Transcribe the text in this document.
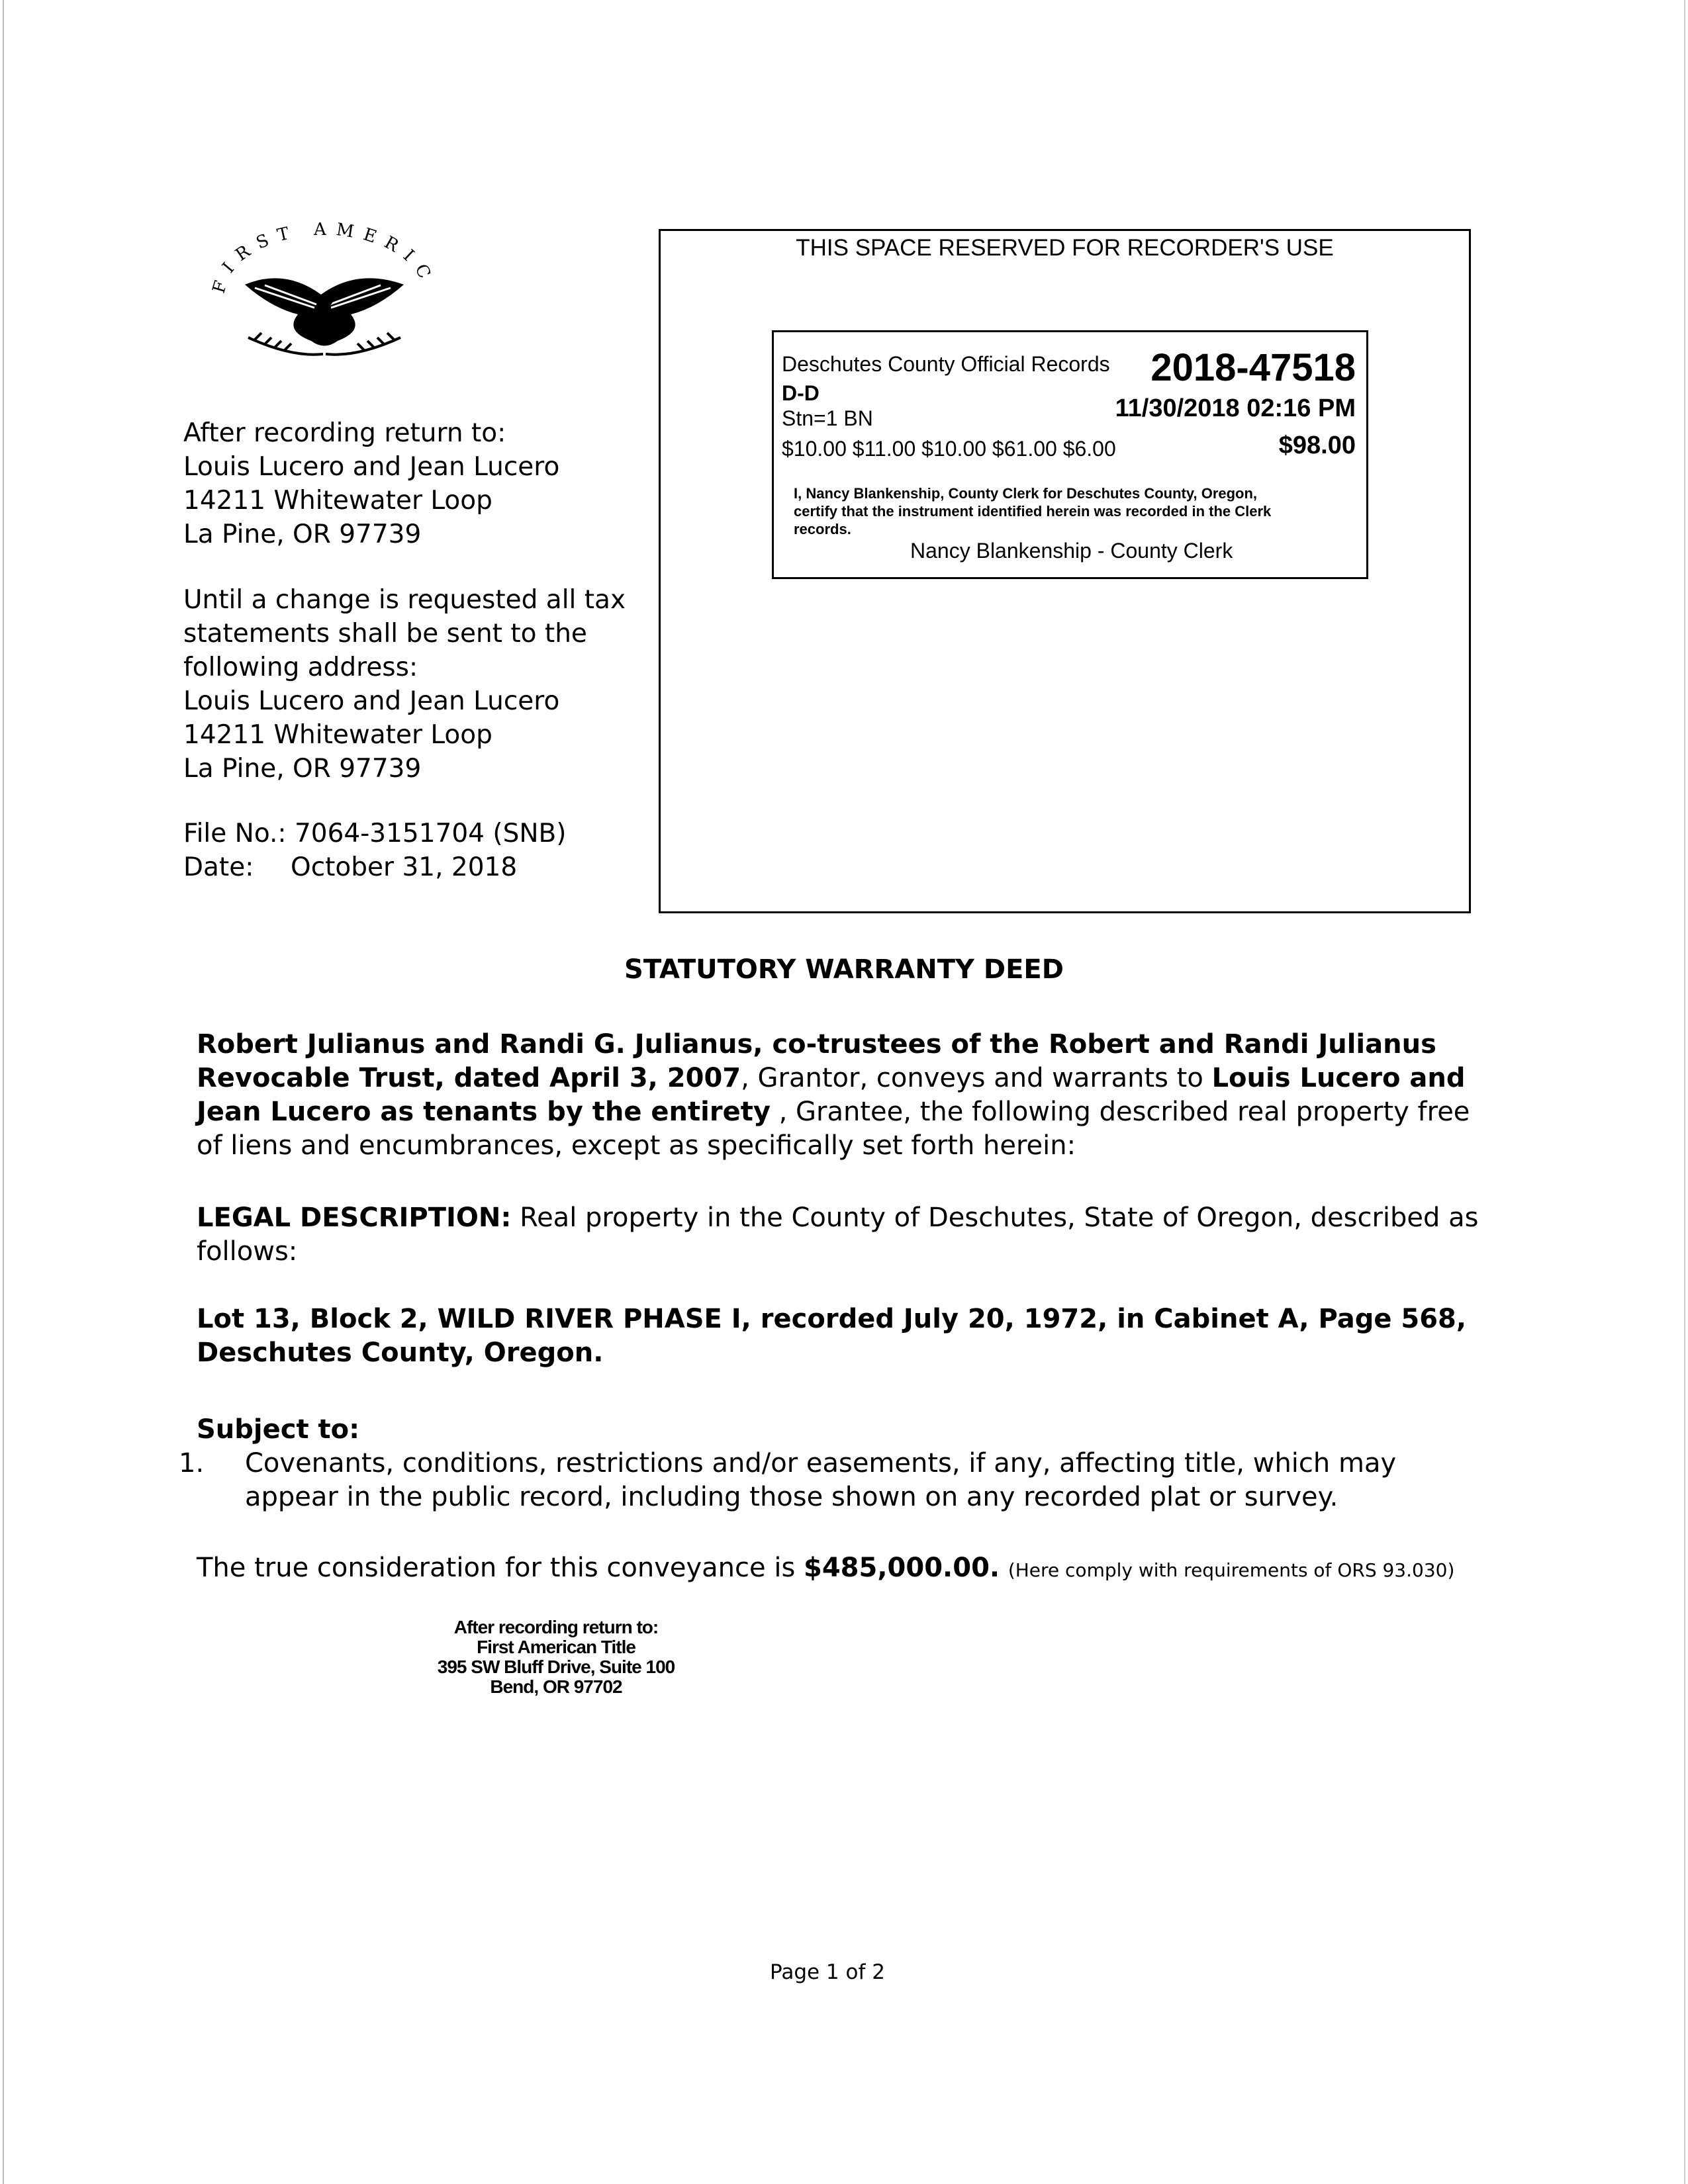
FIRST AMERIC
After recording return to:
Louis Lucero and Jean Lucero
14211 Whitewater Loop
La Pine, OR 97739
Until a change is requested all tax
statements shall be sent to the
following address:
Louis Lucero and Jean Lucero
14211 Whitewater Loop
La Pine, OR 97739
File No.: 7064-3151704 (SNB)
Date: October 31, 2018
THIS SPACE RESERVED FOR RECORDER'S USE
Deschutes County Official Records 2018-47518
D-D
Stn=1 BN	11/30/2018 02:16 PM
$10.00 $11.00 $10.00 $61.00 $6.00	$98.00
I, Nancy Blankenship, County Clerk for Deschutes County, Oregon,
certify that the instrument identified herein was recorded in the Clerk
records.
Nancy Blankenship - County Clerk
STATUTORY WARRANTY DEED
Robert Julianus and Randi G. Julianus, co-trustees of the Robert and Randi Julianus Revocable Trust, dated April 3, 2007, Grantor, conveys and warrants to Louis Lucero and Jean Lucero as tenants by the entirety , Grantee, the following described real property free of liens and encumbrances, except as specifically set forth herein:
LEGAL DESCRIPTION: Real property in the County of Deschutes, State of Oregon, described as follows:
Lot 13, Block 2, WILD RIVER PHASE I, recorded July 20, 1972, in Cabinet A, Page 568, Deschutes County, Oregon.
Subject to:
1. Covenants, conditions, restrictions and/or easements, if any, affecting title, which may appear in the public record, including those shown on any recorded plat or survey.
The true consideration for this conveyance is $485,000.00. (Here comply with requirements of ORS 93.030)
After recording return to:
First American Title
395 SW Bluff Drive, Suite 100
Bend, OR 97702
Page 1 of 2
